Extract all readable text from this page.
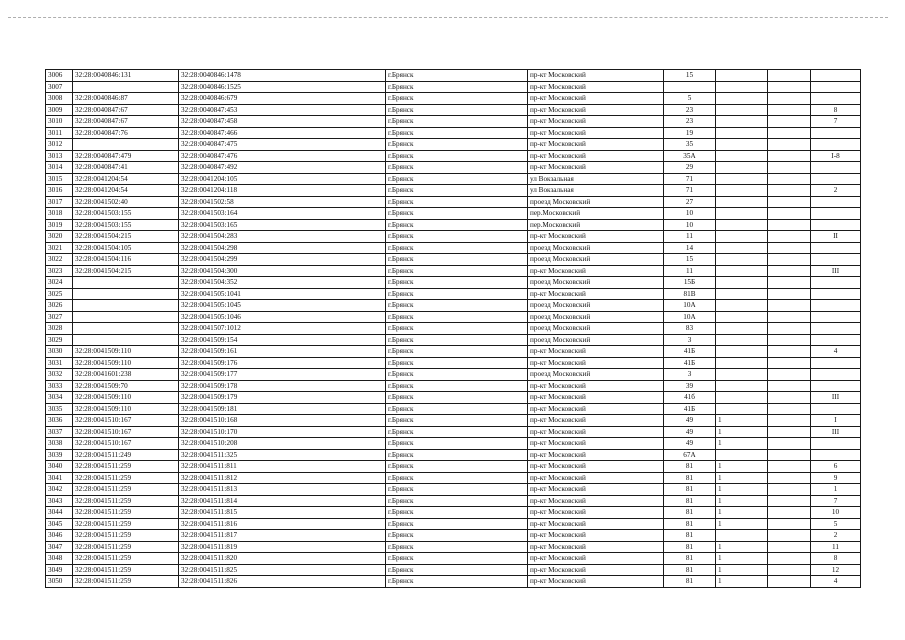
3006	32:28:0040846:131	32:28:0040846:1478	г.Брянск	пр-кт Московский	15			
3007		32:28:0040846:1525	г.Брянск	пр-кт Московский				
3008	32:28:0040846:87	32:28:0040846:679	г.Брянск	пр-кт Московский	5			
3009	32:28:0040847:67	32:28:0040847:453	г.Брянск	пр-кт Московский	23			8
3010	32:28:0040847:67	32:28:0040847:458	г.Брянск	пр-кт Московский	23			7
3011	32:28:0040847:76	32:28:0040847:466	г.Брянск	пр-кт Московский	19			
3012		32:28:0040847:475	г.Брянск	пр-кт Московский	35			
3013	32:28:0040847:479	32:28:0040847:476	г.Брянск	пр-кт Московский	35А			I-8
3014	32:28:0040847:41	32:28:0040847:492	г.Брянск	пр-кт Московский	29			
3015	32:28:0041204:54	32:28:0041204:105	г.Брянск	ул Вокзальная	71			
3016	32:28:0041204:54	32:28:0041204:118	г.Брянск	ул Вокзальная	71			2
3017	32:28:0041502:40	32:28:0041502:58	г.Брянск	проезд Московский	27			
3018	32:28:0041503:155	32:28:0041503:164	г.Брянск	пер.Московский	10			
3019	32:28:0041503:155	32:28:0041503:165	г.Брянск	пер.Московский	10			
3020	32:28:0041504:215	32:28:0041504:283	г.Брянск	пр-кт Московский	11			II
3021	32:28:0041504:105	32:28:0041504:298	г.Брянск	проезд Московский	14			
3022	32:28:0041504:116	32:28:0041504:299	г.Брянск	проезд Московский	15			
3023	32:28:0041504:215	32:28:0041504:300	г.Брянск	пр-кт Московский	11			III
3024		32:28:0041504:352	г.Брянск	проезд Московский	15Б			
3025		32:28:0041505:1041	г.Брянск	пр-кт Московский	81В			
3026		32:28:0041505:1045	г.Брянск	проезд Московский	10А			
3027		32:28:0041505:1046	г.Брянск	проезд Московский	10А			
3028		32:28:0041507:1012	г.Брянск	проезд Московский	83			
3029		32:28:0041509:154	г.Брянск	проезд Московский	3			
3030	32:28:0041509:110	32:28:0041509:161	г.Брянск	пр-кт Московский	41Б			4
3031	32:28:0041509:110	32:28:0041509:176	г.Брянск	пр-кт Московский	41Б			
3032	32:28:0041601:238	32:28:0041509:177	г.Брянск	проезд Московский	3			
3033	32:28:0041509:70	32:28:0041509:178	г.Брянск	пр-кт Московский	39			
3034	32:28:0041509:110	32:28:0041509:179	г.Брянск	пр-кт Московский	41б			III
3035	32:28:0041509:110	32:28:0041509:181	г.Брянск	пр-кт Московский	41Б			
3036	32:28:0041510:167	32:28:0041510:168	г.Брянск	пр-кт Московский	49	1		I
3037	32:28:0041510:167	32:28:0041510:170	г.Брянск	пр-кт Московский	49	1		III
3038	32:28:0041510:167	32:28:0041510:208	г.Брянск	пр-кт Московский	49	1		
3039	32:28:0041511:249	32:28:0041511:325	г.Брянск	пр-кт Московский	67А			
3040	32:28:0041511:259	32:28:0041511:811	г.Брянск	пр-кт Московский	81	1		6
3041	32:28:0041511:259	32:28:0041511:812	г.Брянск	пр-кт Московский	81	1		9
3042	32:28:0041511:259	32:28:0041511:813	г.Брянск	пр-кт Московский	81	1		1
3043	32:28:0041511:259	32:28:0041511:814	г.Брянск	пр-кт Московский	81	1		7
3044	32:28:0041511:259	32:28:0041511:815	г.Брянск	пр-кт Московский	81	1		10
3045	32:28:0041511:259	32:28:0041511:816	г.Брянск	пр-кт Московский	81	1		5
3046	32:28:0041511:259	32:28:0041511:817	г.Брянск	пр-кт Московский	81			2
3047	32:28:0041511:259	32:28:0041511:819	г.Брянск	пр-кт Московский	81	1		11
3048	32:28:0041511:259	32:28:0041511:820	г.Брянск	пр-кт Московский	81	1		8
3049	32:28:0041511:259	32:28:0041511:825	г.Брянск	пр-кт Московский	81	1		12
3050	32:28:0041511:259	32:28:0041511:826	г.Брянск	пр-кт Московский	81	1		4
